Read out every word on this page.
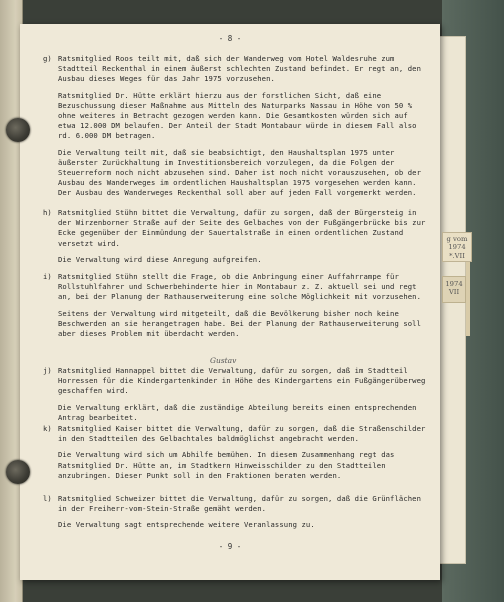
- 8 -
g) Ratsmitglied Roos teilt mit, daß sich der Wanderweg vom Hotel Waldesruhe zum Stadtteil Reckenthal in einem äußerst schlechten Zustand befindet. Er regt an, den Ausbau dieses Weges für das Jahr 1975 vorzusehen.

Ratsmitglied Dr. Hütte erklärt hierzu aus der forstlichen Sicht, daß eine Bezuschussung dieser Maßnahme aus Mitteln des Naturparks Nassau in Höhe von 50 % ohne weiteres in Betracht gezogen werden kann. Die Gesamtkosten würden sich auf etwa 12.000 DM belaufen. Der Anteil der Stadt Montabaur würde in diesem Fall also rd. 6.000 DM betragen.

Die Verwaltung teilt mit, daß sie beabsichtigt, den Haushaltsplan 1975 unter äußerster Zurückhaltung im Investitionsbereich vorzulegen, da die Folgen der Steuerreform noch nicht abzusehen sind. Daher ist noch nicht vorauszusehen, ob der Ausbau des Wanderweges im ordentlichen Haushaltsplan 1975 vorgesehen werden kann. Der Ausbau des Wanderweges Reckenthal soll aber auf jeden Fall vorgemerkt werden.

h) Ratsmitglied Stühn bittet die Verwaltung, dafür zu sorgen, daß der Bürgersteig in der Wirzenborner Straße auf der Seite des Gelbaches von der Fußgängerbrücke bis zur Ecke gegenüber der Einmündung der Sauertalstraße in einen ordentlichen Zustand versetzt wird.

Die Verwaltung wird diese Anregung aufgreifen.

i) Ratsmitglied Stühn stellt die Frage, ob die Anbringung einer Auffahrrampe für Rollstuhlfahrer und Schwerbehinderte hier in Montabaur z. Z. aktuell sei und regt an, bei der Planung der Rathauserweiterung eine solche Möglichkeit mit vorzusehen.

Seitens der Verwaltung wird mitgeteilt, daß die Bevölkerung bisher noch keine Beschwerden an sie herangetragen habe. Bei der Planung der Rathauserweiterung soll aber dieses Problem mit überdacht werden.

Gustav
j) Ratsmitglied Hannappel bittet die Verwaltung, dafür zu sorgen, daß im Stadtteil Horressen für die Kindergartenkinder in Höhe des Kindergartens ein Fußgängerüberweg geschaffen wird.

Die Verwaltung erklärt, daß die zuständige Abteilung bereits einen entsprechenden Antrag bearbeitet.

k) Ratsmitglied Kaiser bittet die Verwaltung, dafür zu sorgen, daß die Straßenschilder in den Stadtteilen des Gelbachtales baldmöglichst angebracht werden.

Die Verwaltung wird sich um Abhilfe bemühen. In diesem Zusammenhang regt das Ratsmitglied Dr. Hütte an, im Stadtkern Hinweisschilder zu den Stadtteilen anzubringen. Dieser Punkt soll in den Fraktionen beraten werden.

l) Ratsmitglied Schweizer bittet die Verwaltung, dafür zu sorgen, daß die Grünflächen in der Freiherr-vom-Stein-Straße gemäht werden.

Die Verwaltung sagt entsprechende weitere Veranlassung zu.

- 9 -
g vom
1974
*.VII
1974
VII
